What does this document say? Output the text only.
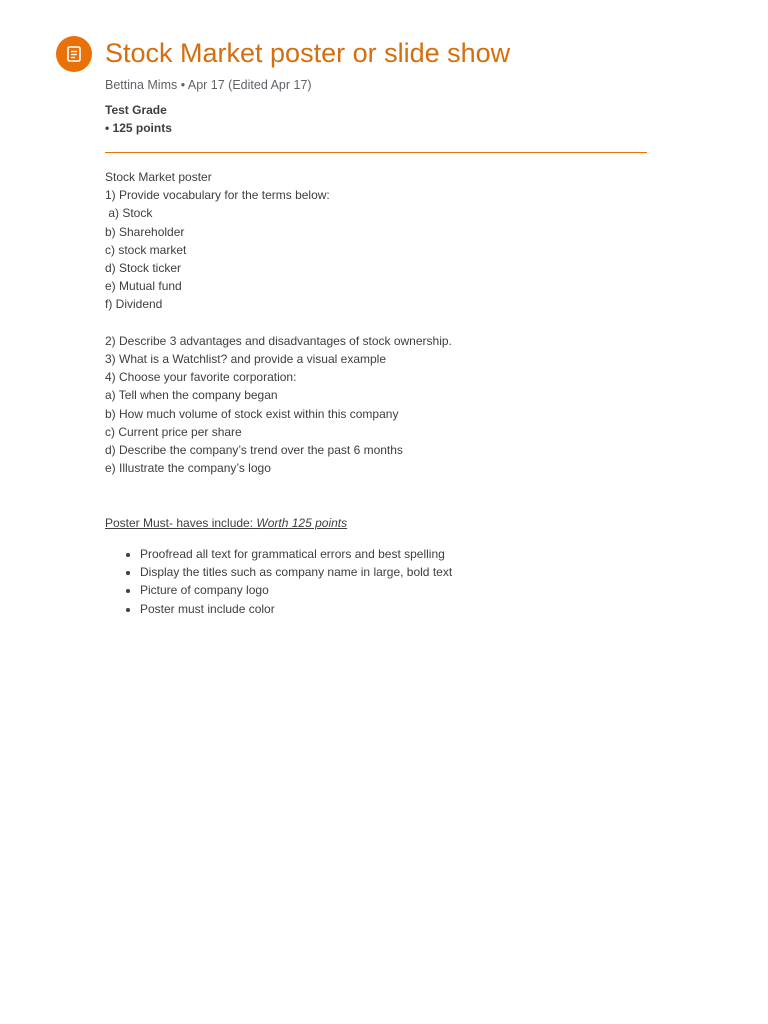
Stock Market poster or slide show
Bettina Mims • Apr 17 (Edited Apr 17)
Test Grade
• 125 points
Stock Market poster
1) Provide vocabulary for the terms below:
a) Stock
b) Shareholder
c) stock market
d) Stock ticker
e) Mutual fund
f) Dividend
2) Describe 3 advantages and disadvantages of stock ownership.
3) What is a Watchlist? and provide a visual example
4) Choose your favorite corporation:
a) Tell when the company began
b) How much volume of stock exist within this company
c) Current price per share
d) Describe the company’s trend over the past 6 months
e) Illustrate the company’s logo
Poster Must- haves include: Worth 125 points
• Proofread all text for grammatical errors and best spelling
• Display the titles such as company name in large, bold text
• Picture of company logo
• Poster must include color
